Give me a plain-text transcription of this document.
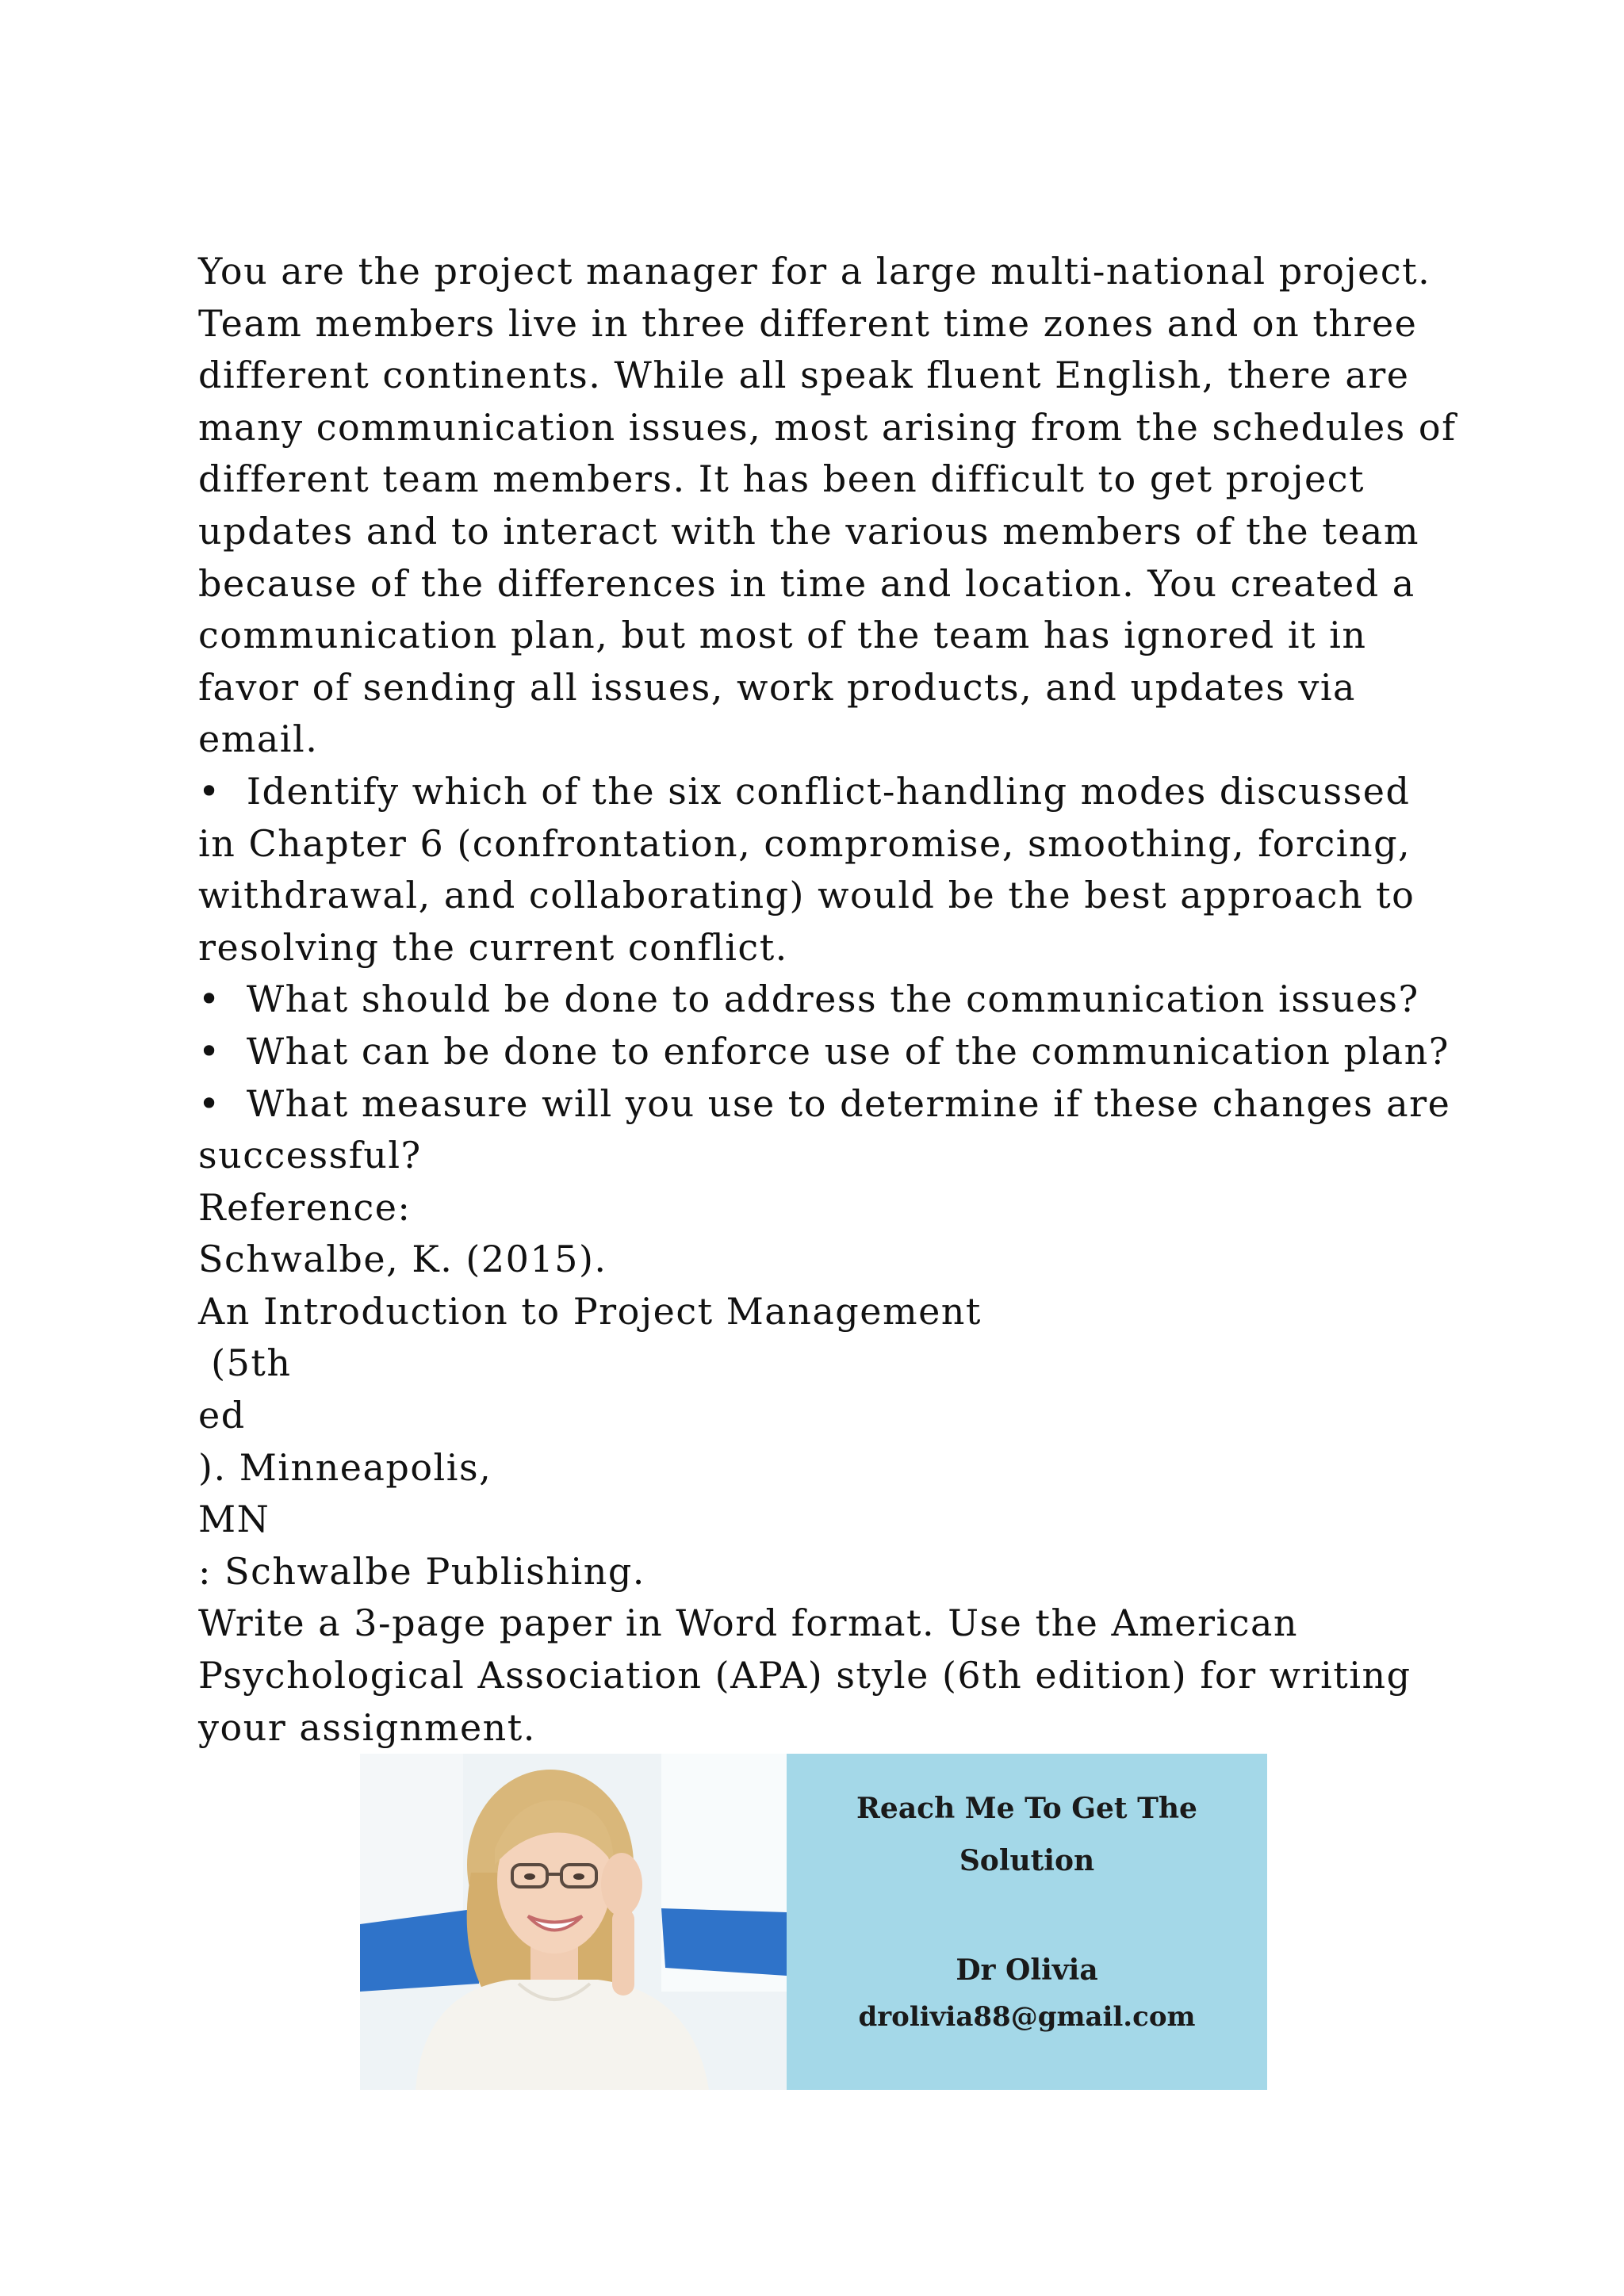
You are the project manager for a large multi-national project.
Team members live in three different time zones and on three
different continents. While all speak fluent English, there are
many communication issues, most arising from the schedules of
different team members. It has been difficult to get project
updates and to interact with the various members of the team
because of the differences in time and location. You created a
communication plan, but most of the team has ignored it in
favor of sending all issues, work products, and updates via
email.
•  Identify which of the six conflict-handling modes discussed
in Chapter 6 (confrontation, compromise, smoothing, forcing,
withdrawal, and collaborating) would be the best approach to
resolving the current conflict.
•  What should be done to address the communication issues?
•  What can be done to enforce use of the communication plan?
•  What measure will you use to determine if these changes are
successful?
Reference:
Schwalbe, K. (2015).
An Introduction to Project Management
(5th
ed
). Minneapolis,
MN
: Schwalbe Publishing.
Write a 3-page paper in Word format. Use the American
Psychological Association (APA) style (6th edition) for writing
your assignment.
Reach Me To Get The Solution
Dr Olivia
drolivia88@gmail.com
